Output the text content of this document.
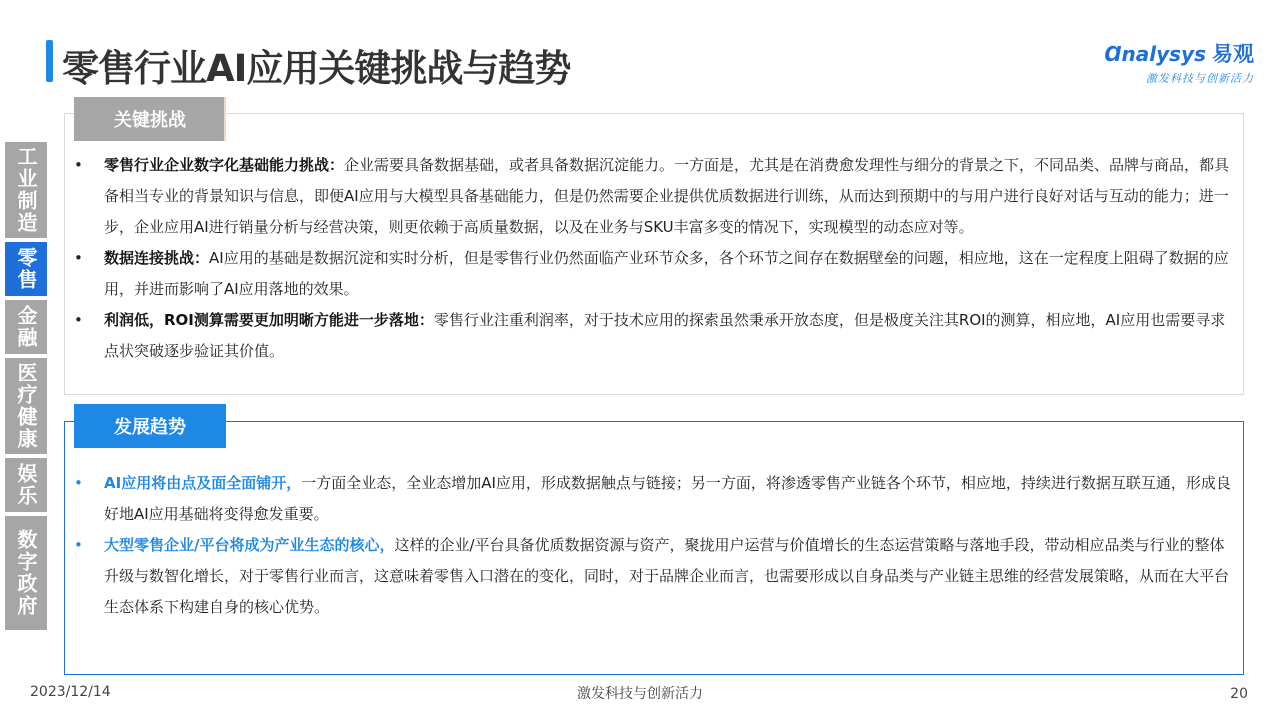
零售行业AI应用关键挑战与趋势	Ɑnalysys 易观
激发科技与创新活力
工业制造
零售
金融
医疗健康
娱乐
数字政府
关键挑战
• 零售行业企业数字化基础能力挑战：企业需要具备数据基础，或者具备数据沉淀能力。一方面是，尤其是在消费愈发理性与细分的背景之下，不同品类、品牌与商品，都具备相当专业的背景知识与信息，即便AI应用与大模型具备基础能力，但是仍然需要企业提供优质数据进行训练，从而达到预期中的与用户进行良好对话与互动的能力；进一步，企业应用AI进行销量分析与经营决策，则更依赖于高质量数据，以及在业务与SKU丰富多变的情况下，实现模型的动态应对等。
• 数据连接挑战：AI应用的基础是数据沉淀和实时分析，但是零售行业仍然面临产业环节众多，各个环节之间存在数据壁垒的问题，相应地，这在一定程度上阻碍了数据的应用，并进而影响了AI应用落地的效果。
• 利润低，ROI测算需要更加明晰方能进一步落地：零售行业注重利润率，对于技术应用的探索虽然秉承开放态度，但是极度关注其ROI的测算，相应地，AI应用也需要寻求点状突破逐步验证其价值。
发展趋势
• AI应用将由点及面全面铺开，一方面全业态，全业态增加AI应用，形成数据触点与链接；另一方面，将渗透零售产业链各个环节，相应地，持续进行数据互联互通，形成良好地AI应用基础将变得愈发重要。
• 大型零售企业/平台将成为产业生态的核心，这样的企业/平台具备优质数据资源与资产，聚拢用户运营与价值增长的生态运营策略与落地手段，带动相应品类与行业的整体升级与数智化增长，对于零售行业而言，这意味着零售入口潜在的变化，同时，对于品牌企业而言，也需要形成以自身品类与产业链主思维的经营发展策略，从而在大平台生态体系下构建自身的核心优势。
2023/12/14	激发科技与创新活力	20
